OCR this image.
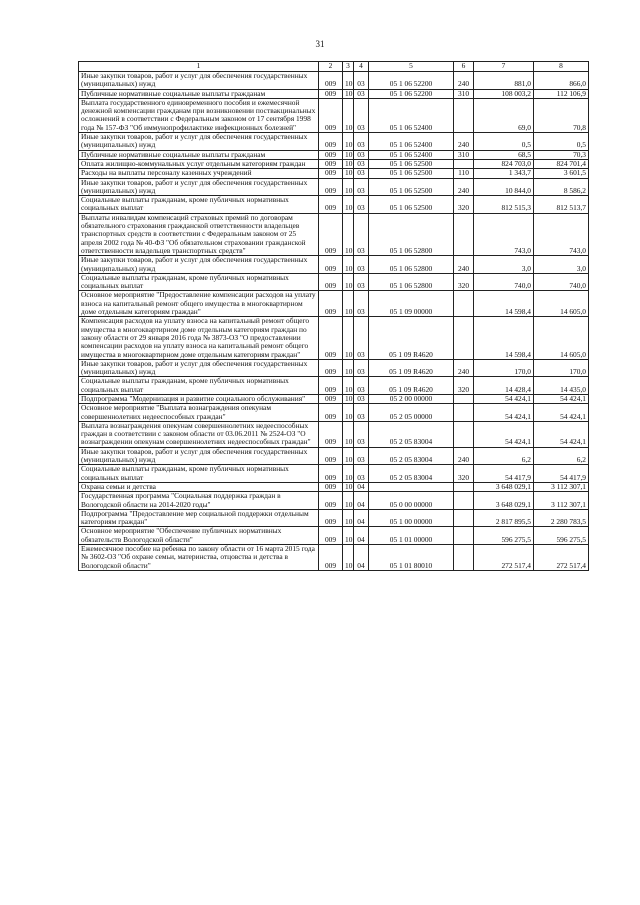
31
1	2	3	4	5	6	7	8
Иные закупки товаров, работ и услуг для обеспечения государственных (муниципальных) нужд	009	10	03	05 1 06 52200	240	881,0	866,0
Публичные нормативные социальные выплаты гражданам	009	10	03	05 1 06 52200	310	108 003,2	112 106,9
Выплата государственного единовременного пособия и ежемесячной денежной компенсации гражданам при возникновении поствакцинальных осложнений в соответствии с Федеральным законом от 17 сентября 1998 года № 157-ФЗ "Об иммунопрофилактике инфекционных болезней"	009	10	03	05 1 06 52400		69,0	70,8
Иные закупки товаров, работ и услуг для обеспечения государственных (муниципальных) нужд	009	10	03	05 1 06 52400	240	0,5	0,5
Публичные нормативные социальные выплаты гражданам	009	10	03	05 1 06 52400	310	68,5	70,3
Оплата жилищно-коммунальных услуг отдельным категориям граждан	009	10	03	05 1 06 52500		824 703,0	824 701,4
Расходы на выплаты персоналу казенных учреждений	009	10	03	05 1 06 52500	110	1 343,7	3 601,5
Иные закупки товаров, работ и услуг для обеспечения государственных (муниципальных) нужд	009	10	03	05 1 06 52500	240	10 844,0	8 586,2
Социальные выплаты гражданам, кроме публичных нормативных социальных выплат	009	10	03	05 1 06 52500	320	812 515,3	812 513,7
Выплаты инвалидам компенсаций страховых премий по договорам обязательного страхования гражданской ответственности владельцев транспортных средств в соответствии с Федеральным законом от 25 апреля 2002 года № 40-ФЗ "Об обязательном страховании гражданской ответственности владельцев транспортных средств"	009	10	03	05 1 06 52800		743,0	743,0
Иные закупки товаров, работ и услуг для обеспечения государственных (муниципальных) нужд	009	10	03	05 1 06 52800	240	3,0	3,0
Социальные выплаты гражданам, кроме публичных нормативных социальных выплат	009	10	03	05 1 06 52800	320	740,0	740,0
Основное мероприятие "Предоставление компенсации расходов на уплату взноса на капитальный ремонт общего имущества в многоквартирном доме отдельным категориям граждан"	009	10	03	05 1 09 00000		14 598,4	14 605,0
Компенсация расходов на уплату взноса на капитальный ремонт общего имущества в многоквартирном доме отдельным категориям граждан по закону области от 29 января 2016 года № 3873-ОЗ "О предоставлении компенсации расходов на уплату взноса на капитальный ремонт общего имущества в многоквартирном доме отдельным категориям граждан"	009	10	03	05 1 09 R4620		14 598,4	14 605,0
Иные закупки товаров, работ и услуг для обеспечения государственных (муниципальных) нужд	009	10	03	05 1 09 R4620	240	170,0	170,0
Социальные выплаты гражданам, кроме публичных нормативных социальных выплат	009	10	03	05 1 09 R4620	320	14 428,4	14 435,0
Подпрограмма "Модернизация и развитие социального обслуживания"	009	10	03	05 2 00 00000		54 424,1	54 424,1
Основное мероприятие "Выплата вознаграждения опекунам совершеннолетних недееспособных граждан"	009	10	03	05 2 05 00000		54 424,1	54 424,1
Выплата вознаграждения опекунам совершеннолетних недееспособных граждан в соответствии с законом области от 03.06.2011 № 2524-ОЗ "О вознаграждении опекунам совершеннолетних недееспособных граждан"	009	10	03	05 2 05 83004		54 424,1	54 424,1
Иные закупки товаров, работ и услуг для обеспечения государственных (муниципальных) нужд	009	10	03	05 2 05 83004	240	6,2	6,2
Социальные выплаты гражданам, кроме публичных нормативных социальных выплат	009	10	03	05 2 05 83004	320	54 417,9	54 417,9
Охрана семьи и детства	009	10	04			3 648 029,1	3 112 307,1
Государственная программа "Социальная поддержка граждан в Вологодской области на 2014-2020 годы"	009	10	04	05 0 00 00000		3 648 029,1	3 112 307,1
Подпрограмма "Предоставление мер социальной поддержки отдельным категориям граждан"	009	10	04	05 1 00 00000		2 817 895,5	2 280 783,5
Основное мероприятие "Обеспечение публичных нормативных обязательств Вологодской области"	009	10	04	05 1 01 00000		596 275,5	596 275,5
Ежемесячное пособие на ребенка по закону области от 16 марта 2015 года № 3602-ОЗ "Об охране семьи, материнства, отцовства и детства в Вологодской области"	009	10	04	05 1 01 80010		272 517,4	272 517,4
